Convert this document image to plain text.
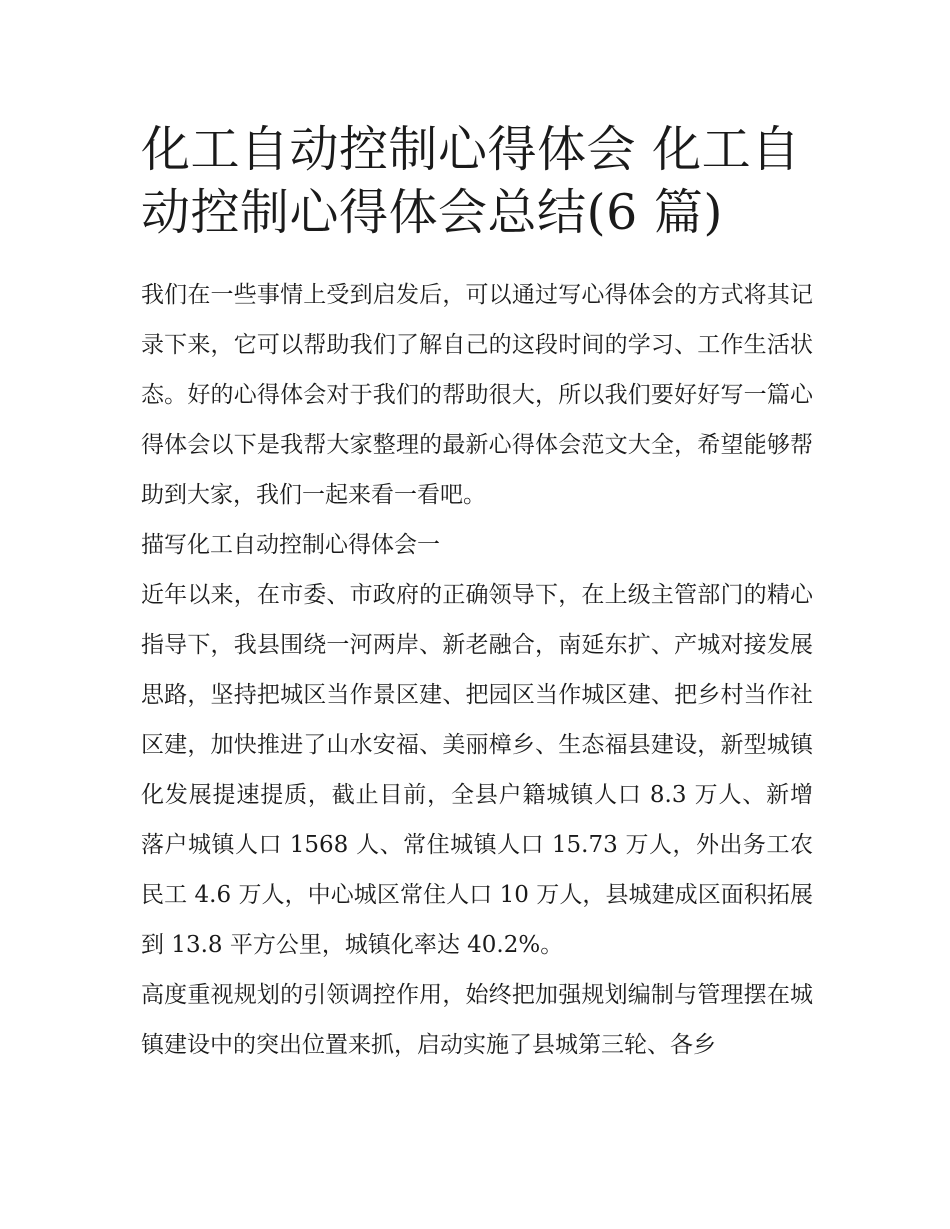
化工自动控制心得体会 化工自动控制心得体会总结(6 篇)

我们在一些事情上受到启发后，可以通过写心得体会的方式将其记录下来，它可以帮助我们了解自己的这段时间的学习、工作生活状态。好的心得体会对于我们的帮助很大，所以我们要好好写一篇心得体会以下是我帮大家整理的最新心得体会范文大全，希望能够帮助到大家，我们一起来看一看吧。

描写化工自动控制心得体会一

近年以来，在市委、市政府的正确领导下，在上级主管部门的精心指导下，我县围绕一河两岸、新老融合，南延东扩、产城对接发展思路，坚持把城区当作景区建、把园区当作城区建、把乡村当作社区建，加快推进了山水安福、美丽樟乡、生态福县建设，新型城镇化发展提速提质，截止目前，全县户籍城镇人口 8.3 万人、新增落户城镇人口 1568 人、常住城镇人口 15.73 万人，外出务工农民工 4.6 万人，中心城区常住人口 10 万人，县城建成区面积拓展到 13.8 平方公里，城镇化率达 40.2%。

高度重视规划的引领调控作用，始终把加强规划编制与管理摆在城镇建设中的突出位置来抓，启动实施了县城第三轮、各乡
